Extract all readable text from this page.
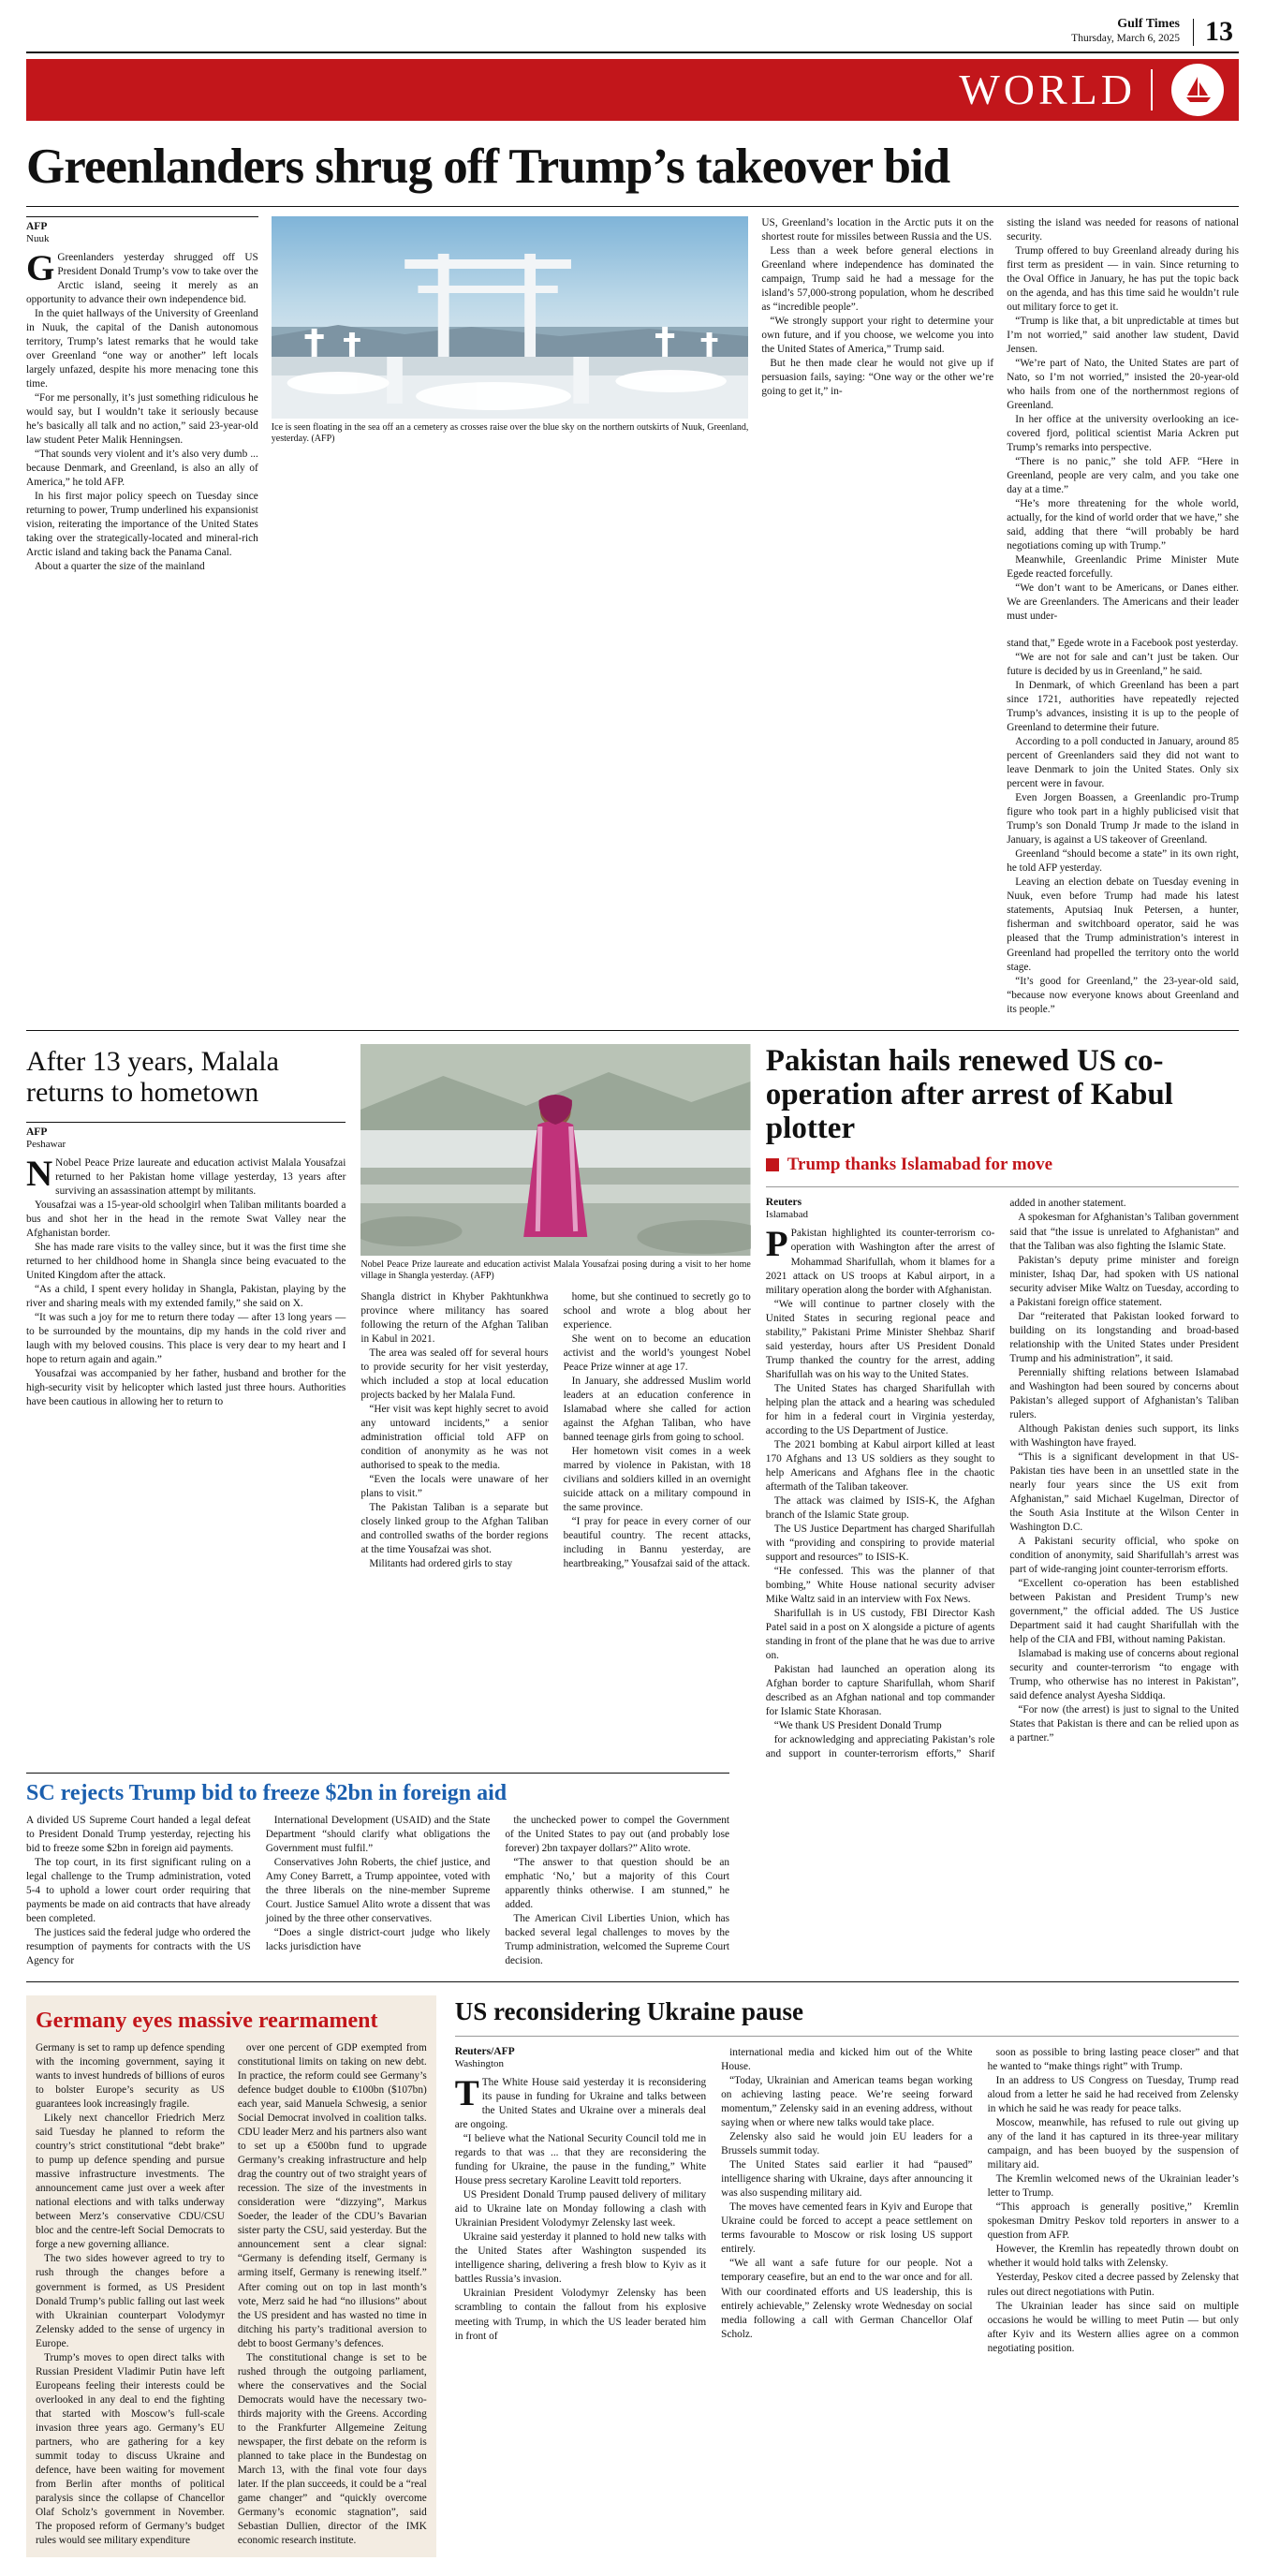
Gulf Times
Thursday, March 6, 2025 13
WORLD
Greenlanders shrug off Trump’s takeover bid
AFP
Nuuk

G Greenlanders yesterday shrugged off US President Donald Trump’s vow to take over the Arctic island, seeing it merely as an opportunity to advance their own independence bid.

In the quiet hallways of the University of Greenland in Nuuk, the capital of the Danish autonomous territory, Trump’s latest remarks that he would take over Greenland “one way or another” left locals largely unfazed, despite his more menacing tone this time.

“For me personally, it’s just something ridiculous he would say, but I wouldn’t take it seriously because he’s basically all talk and no action,” said 23-year-old law student Peter Malik Henningsen.

“That sounds very violent and it’s also very dumb ... because Denmark, and Greenland, is also an ally of America,” he told AFP.

In his first major policy speech on Tuesday since returning to power, Trump underlined his expansionist vision, reiterating the importance of the United States taking over the strategically-located and mineral-rich Arctic island and taking back the Panama Canal.

About a quarter the size of the mainland

Ice is seen floating in the sea off an a cemetery as crosses raise over the blue sky on the northern outskirts of Nuuk, Greenland, yesterday. (AFP)

US, Greenland’s location in the Arctic puts it on the shortest route for missiles between Russia and the US.

Less than a week before general elections in Greenland where independence has dominated the campaign, Trump said he had a message for the island’s 57,000-strong population, whom he described as “incredible people”.

“We strongly support your right to determine your own future, and if you choose, we welcome you into the United States of America,” Trump said.

But he then made clear he would not give up if persuasion fails, saying: “One way or the other we’re going to get it,” in-

sisting the island was needed for reasons of national security.

Trump offered to buy Greenland already during his first term as president — in vain. Since returning to the Oval Office in January, he has put the topic back on the agenda, and has this time said he wouldn’t rule out military force to get it.

“Trump is like that, a bit unpredictable at times but I’m not worried,” said another law student, David Jensen.

“We’re part of Nato, the United States are part of Nato, so I’m not worried,” insisted the 20-year-old who hails from one of the northernmost regions of Greenland.

In her office at the university overlooking an ice-covered fjord, political scientist Maria Ackren put Trump’s remarks into perspective.

“There is no panic,” she told AFP. “Here in Greenland, people are very calm, and you take one day at a time.”

“He’s more threatening for the whole world, actually, for the kind of world order that we have,” she said, adding that there “will probably be hard negotiations coming up with Trump.”

Meanwhile, Greenlandic Prime Minister Mute Egede reacted forcefully.

“We don’t want to be Americans, or Danes either. We are Greenlanders. The Americans and their leader must under-

stand that,” Egede wrote in a Facebook post yesterday.

“We are not for sale and can’t just be taken. Our future is decided by us in Greenland,” he said.

In Denmark, of which Greenland has been a part since 1721, authorities have repeatedly rejected Trump’s advances, insisting it is up to the people of Greenland to determine their future.

According to a poll conducted in January, around 85 percent of Greenlanders said they did not want to leave Denmark to join the United States. Only six percent were in favour.

Even Jorgen Boassen, a Greenlandic pro-Trump figure who took part in a highly publicised visit that Trump’s son Donald Trump Jr made to the island in January, is against a US takeover of Greenland.

Greenland “should become a state” in its own right, he told AFP yesterday.

Leaving an election debate on Tuesday evening in Nuuk, even before Trump had made his latest statements, Aputsiaq Inuk Petersen, a hunter, fisherman and switchboard operator, said he was pleased that the Trump administration’s interest in Greenland had propelled the territory onto the world stage.

“It’s good for Greenland,” the 23-year-old said, “because now everyone knows about Greenland and its people.”

After 13 years, Malala returns to hometown
AFP
Peshawar

N Nobel Peace Prize laureate and education activist Malala Yousafzai returned to her Pakistan home village yesterday, 13 years after surviving an assassination attempt by militants.

Yousafzai was a 15-year-old schoolgirl when Taliban militants boarded a bus and shot her in the head in the remote Swat Valley near the Afghanistan border.

She has made rare visits to the valley since, but it was the first time she returned to her childhood home in Shangla since being evacuated to the United Kingdom after the attack.

“As a child, I spent every holiday in Shangla, Pakistan, playing by the river and sharing meals with my extended family,” she said on X.

“It was such a joy for me to return there today — after 13 long years — to be surrounded by the mountains, dip my hands in the cold river and laugh with my beloved cousins. This place is very dear to my heart and I hope to return again and again.”

Yousafzai was accompanied by her father, husband and brother for the high-security visit by helicopter which lasted just three hours. Authorities have been cautious in allowing her to return to

Nobel Peace Prize laureate and education activist Malala Yousafzai posing during a visit to her home village in Shangla yesterday. (AFP)

Shangla district in Khyber Pakhtunkhwa province where militancy has soared following the return of the Afghan Taliban in Kabul in 2021.

The area was sealed off for several hours to provide security for her visit yesterday, which included a stop at local education projects backed by her Malala Fund.

“Her visit was kept highly secret to avoid any untoward incidents,” a senior administration official told AFP on condition of anonymity as he was not authorised to speak to the media.

“Even the locals were unaware of her plans to visit.”

The Pakistan Taliban is a separate but closely linked group to the Afghan Taliban and controlled swaths of the border regions at the time Yousafzai was shot.

Militants had ordered girls to stay

home, but she continued to secretly go to school and wrote a blog about her experience.

She went on to become an education activist and the world’s youngest Nobel Peace Prize winner at age 17.

In January, she addressed Muslim world leaders at an education conference in Islamabad where she called for action against the Afghan Taliban, who have banned teenage girls from going to school.

Her hometown visit comes in a week marred by violence in Pakistan, with 18 civilians and soldiers killed in an overnight suicide attack on a military compound in the same province.

“I pray for peace in every corner of our beautiful country. The recent attacks, including in Bannu yesterday, are heartbreaking,” Yousafzai said of the attack.

Pakistan hails renewed US co-operation after arrest of Kabul plotter
Trump thanks Islamabad for move
Reuters
Islamabad

P Pakistan highlighted its counter-terrorism co-operation with Washington after the arrest of Mohammad Sharifullah, whom it blames for a 2021 attack on US troops at Kabul airport, in a military operation along the border with Afghanistan.

“We will continue to partner closely with the United States in securing regional peace and stability,” Pakistani Prime Minister Shehbaz Sharif said yesterday, hours after US President Donald Trump thanked the country for the arrest, adding Sharifullah was on his way to the United States.

The United States has charged Sharifullah with helping plan the attack and a hearing was scheduled for him in a federal court in Virginia yesterday, according to the US Department of Justice.

The 2021 bombing at Kabul airport killed at least 170 Afghans and 13 US soldiers as they sought to help Americans and Afghans flee in the chaotic aftermath of the Taliban takeover.

The attack was claimed by ISIS-K, the Afghan branch of the Islamic State group.

The US Justice Department has charged Sharifullah with “providing and conspiring to provide material support and resources” to ISIS-K.

“He confessed. This was the planner of that bombing,” White House national security adviser Mike Waltz said in an interview with Fox News.

Sharifullah is in US custody, FBI Director Kash Patel said in a post on X alongside a picture of agents standing in front of the plane that he was due to arrive on.

Pakistan had launched an operation along its Afghan border to capture Sharifullah, whom Sharif described as an Afghan national and top commander for Islamic State Khorasan.

“We thank US President Donald Trump

for acknowledging and appreciating Pakistan’s role and support in counter-terrorism efforts,” Sharif added in another statement.

A spokesman for Afghanistan’s Taliban government said that “the issue is unrelated to Afghanistan” and that the Taliban was also fighting the Islamic State.

Pakistan’s deputy prime minister and foreign minister, Ishaq Dar, had spoken with US national security adviser Mike Waltz on Tuesday, according to a Pakistani foreign office statement.

Dar “reiterated that Pakistan looked forward to building on its longstanding and broad-based relationship with the United States under President Trump and his administration”, it said.

Perennially shifting relations between Islamabad and Washington had been soured by concerns about Pakistan’s alleged support of Afghanistan’s Taliban rulers.

Although Pakistan denies such support, its links with Washington have frayed.

“This is a significant development in that US-Pakistan ties have been in an unsettled state in the nearly four years since the US exit from Afghanistan,” said Michael Kugelman, Director of the South Asia Institute at the Wilson Center in Washington D.C.

A Pakistani security official, who spoke on condition of anonymity, said Sharifullah’s arrest was part of wide-ranging joint counter-terrorism efforts.

“Excellent co-operation has been established between Pakistan and President Trump’s new government,” the official added. The US Justice Department said it had caught Sharifullah with the help of the CIA and FBI, without naming Pakistan.

Islamabad is making use of concerns about regional security and counter-terrorism “to engage with Trump, who otherwise has no interest in Pakistan”, said defence analyst Ayesha Siddiqa.

“For now (the arrest) is just to signal to the United States that Pakistan is there and can be relied upon as a partner.”

SC rejects Trump bid to freeze $2bn in foreign aid

A divided US Supreme Court handed a legal defeat to President Donald Trump yesterday, rejecting his bid to freeze some $2bn in foreign aid payments.

The top court, in its first significant ruling on a legal challenge to the Trump administration, voted 5-4 to uphold a lower court order requiring that payments be made on aid contracts that have already been completed.

The justices said the federal judge who ordered the resumption of payments for contracts with the US Agency for

International Development (USAID) and the State Department “should clarify what obligations the Government must fulfil.”

Conservatives John Roberts, the chief justice, and Amy Coney Barrett, a Trump appointee, voted with the three liberals on the nine-member Supreme Court. Justice Samuel Alito wrote a dissent that was joined by the three other conservatives.

“Does a single district-court judge who likely lacks jurisdiction have

the unchecked power to compel the Government of the United States to pay out (and probably lose forever) 2bn taxpayer dollars?” Alito wrote.

“The answer to that question should be an emphatic ‘No,’ but a majority of this Court apparently thinks otherwise. I am stunned,” he added.

The American Civil Liberties Union, which has backed several legal challenges to moves by the Trump administration, welcomed the Supreme Court decision.

Germany eyes massive rearmament

Germany is set to ramp up defence spending with the incoming government, saying it wants to invest hundreds of billions of euros to bolster Europe’s security as US guarantees look increasingly fragile.

Likely next chancellor Friedrich Merz said Tuesday he planned to reform the country’s strict constitutional “debt brake” to pump up defence spending and pursue massive infrastructure investments. The announcement came just over a week after national elections and with talks underway between Merz’s conservative CDU/CSU bloc and the centre-left Social Democrats to forge a new governing alliance.

The two sides however agreed to try to rush through the changes before a government is formed, as US President Donald Trump’s public falling out last week with Ukrainian counterpart Volodymyr Zelensky added to the sense of urgency in Europe.

Trump’s moves to open direct talks with Russian President Vladimir Putin have left Europeans feeling their interests could be overlooked in any deal to end the fighting that started with Moscow’s full-scale invasion three years ago. Germany’s EU partners, who are gathering for a key summit today to discuss Ukraine and defence, have been waiting for movement from Berlin after months of political paralysis since the collapse of Chancellor Olaf Scholz’s government in November. The proposed reform of Germany’s budget rules would see military expenditure

over one percent of GDP exempted from constitutional limits on taking on new debt. In practice, the reform could see Germany’s defence budget double to €100bn ($107bn) each year, said Manuela Schwesig, a senior Social Democrat involved in coalition talks. CDU leader Merz and his partners also want to set up a €500bn fund to upgrade Germany’s creaking infrastructure and help drag the country out of two straight years of recession. The size of the investments in consideration were “dizzying”, Markus Soeder, the leader of the CDU’s Bavarian sister party the CSU, said yesterday. But the announcement sent a clear signal: “Germany is defending itself, Germany is arming itself, Germany is renewing itself.” After coming out on top in last month’s vote, Merz said he had “no illusions” about the US president and has wasted no time in ditching his party’s traditional aversion to debt to boost Germany’s defences.

The constitutional change is set to be rushed through the outgoing parliament, where the conservatives and the Social Democrats would have the necessary two-thirds majority with the Greens. According to the Frankfurter Allgemeine Zeitung newspaper, the first debate on the reform is planned to take place in the Bundestag on March 13, with the final vote four days later. If the plan succeeds, it could be a “real game changer” and “quickly overcome Germany’s economic stagnation”, said Sebastian Dullien, director of the IMK economic research institute.

US reconsidering Ukraine pause
Reuters/AFP
Washington

T The White House said yesterday it is reconsidering its pause in funding for Ukraine and talks between the United States and Ukraine over a minerals deal are ongoing.

“I believe what the National Security Council told me in regards to that was ... that they are reconsidering the funding for Ukraine, the pause in the funding,” White House press secretary Karoline Leavitt told reporters.

US President Donald Trump paused delivery of military aid to Ukraine late on Monday following a clash with Ukrainian President Volodymyr Zelensky last week.

Ukraine said yesterday it planned to hold new talks with the United States after Washington suspended its intelligence sharing, delivering a fresh blow to Kyiv as it battles Russia’s invasion.

Ukrainian President Volodymyr Zelensky has been scrambling to contain the fallout from his explosive meeting with Trump, in which the US leader berated him in front of

international media and kicked him out of the White House.

“Today, Ukrainian and American teams began working on achieving lasting peace. We’re seeing forward momentum,” Zelensky said in an evening address, without saying when or where new talks would take place.

Zelensky also said he would join EU leaders for a Brussels summit today.

The United States said earlier it had “paused” intelligence sharing with Ukraine, days after announcing it was also suspending military aid.

The moves have cemented fears in Kyiv and Europe that Ukraine could be forced to accept a peace settlement on terms favourable to Moscow or risk losing US support entirely.

“We all want a safe future for our people. Not a temporary ceasefire, but an end to the war once and for all. With our coordinated efforts and US leadership, this is entirely achievable,” Zelensky wrote Wednesday on social media following a call with German Chancellor Olaf Scholz.

soon as possible to bring lasting peace closer” and that he wanted to “make things right” with Trump.

In an address to US Congress on Tuesday, Trump read aloud from a letter he said he had received from Zelensky in which he said he was ready for peace talks.

Moscow, meanwhile, has refused to rule out giving up any of the land it has captured in its three-year military campaign, and has been buoyed by the suspension of military aid.

The Kremlin welcomed news of the Ukrainian leader’s letter to Trump.

“This approach is generally positive,” Kremlin spokesman Dmitry Peskov told reporters in answer to a question from AFP.

However, the Kremlin has repeatedly thrown doubt on whether it would hold talks with Zelensky.

Yesterday, Peskov cited a decree passed by Zelensky that rules out direct negotiations with Putin.

The Ukrainian leader has since said on multiple occasions he would be willing to meet Putin — but only after Kyiv and its Western allies agree on a common negotiating position.
